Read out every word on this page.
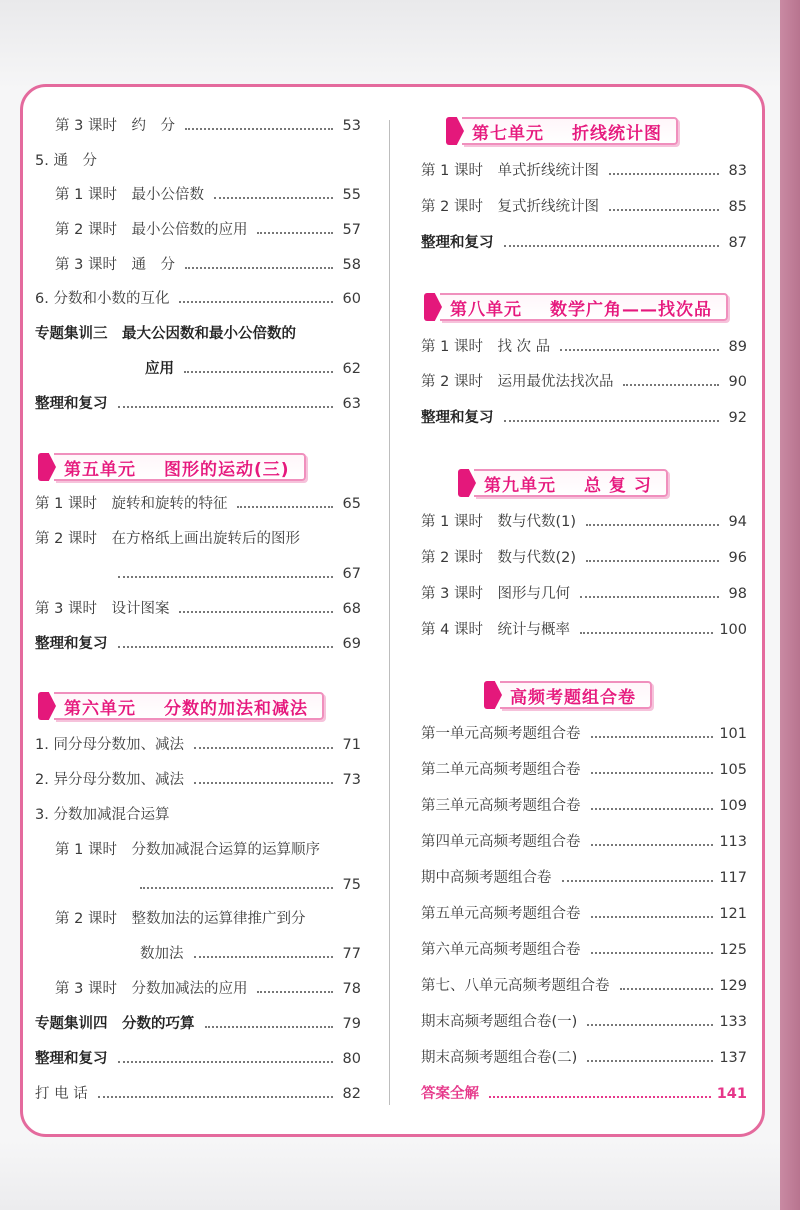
第 3 课时　约　分	53
5. 通　分
第 1 课时　最小公倍数	55
第 2 课时　最小公倍数的应用	57
第 3 课时　通　分	58
6. 分数和小数的互化	60
专题集训三　最大公因数和最小公倍数的
应用	62
整理和复习	63
第五单元 图形的运动(三)
第 1 课时　旋转和旋转的特征	65
第 2 课时　在方格纸上画出旋转后的图形
67
第 3 课时　设计图案	68
整理和复习	69
第六单元 分数的加法和减法
1. 同分母分数加、减法	71
2. 异分母分数加、减法	73
3. 分数加减混合运算
第 1 课时　分数加减混合运算的运算顺序
75
第 2 课时　整数加法的运算律推广到分
数加法	77
第 3 课时　分数加减法的应用	78
专题集训四　分数的巧算	79
整理和复习	80
打 电 话	82
第七单元 折线统计图
第 1 课时　单式折线统计图	83
第 2 课时　复式折线统计图	85
整理和复习	87
第八单元 数学广角——找次品
第 1 课时　找 次 品	89
第 2 课时　运用最优法找次品	90
整理和复习	92
第九单元 总 复 习
第 1 课时　数与代数(1)	94
第 2 课时　数与代数(2)	96
第 3 课时　图形与几何	98
第 4 课时　统计与概率	100
高频考题组合卷
第一单元高频考题组合卷	101
第二单元高频考题组合卷	105
第三单元高频考题组合卷	109
第四单元高频考题组合卷	113
期中高频考题组合卷	117
第五单元高频考题组合卷	121
第六单元高频考题组合卷	125
第七、八单元高频考题组合卷	129
期末高频考题组合卷(一)	133
期末高频考题组合卷(二)	137
答案全解	141
